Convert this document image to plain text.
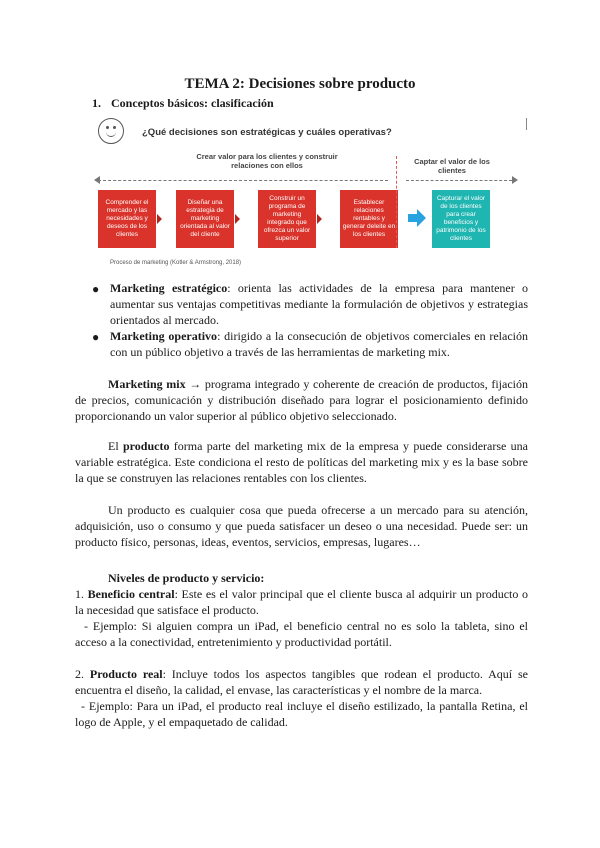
TEMA 2: Decisiones sobre producto
1. Conceptos básicos: clasificación
¿Qué decisiones son estratégicas y cuáles operativas?
Crear valor para los clientes y construir
relaciones con ellos	Captar el valor de los
clientes
Comprender el mercado y las necesidades y deseos de los clientes
Diseñar una estrategia de marketing orientada al valor del cliente
Construir un programa de marketing integrado que ofrezca un valor superior
Establecer relaciones rentables y generar deleite en los clientes
Capturar el valor de los clientes para crear beneficios y patrimonio de los clientes
Proceso de marketing (Kotler & Armstrong, 2018)
● Marketing estratégico: orienta las actividades de la empresa para mantener o aumentar sus ventajas competitivas mediante la formulación de objetivos y estrategias orientados al mercado.
● Marketing operativo: dirigido a la consecución de objetivos comerciales en relación con un público objetivo a través de las herramientas de marketing mix.
Marketing mix → programa integrado y coherente de creación de productos, fijación de precios, comunicación y distribución diseñado para lograr el posicionamiento definido proporcionando un valor superior al público objetivo seleccionado.
El producto forma parte del marketing mix de la empresa y puede considerarse una variable estratégica. Este condiciona el resto de políticas del marketing mix y es la base sobre la que se construyen las relaciones rentables con los clientes.
Un producto es cualquier cosa que pueda ofrecerse a un mercado para su atención, adquisición, uso o consumo y que pueda satisfacer un deseo o una necesidad. Puede ser: un producto físico, personas, ideas, eventos, servicios, empresas, lugares…
Niveles de producto y servicio:
1. Beneficio central: Este es el valor principal que el cliente busca al adquirir un producto o la necesidad que satisface el producto.
- Ejemplo: Si alguien compra un iPad, el beneficio central no es solo la tableta, sino el acceso a la conectividad, entretenimiento y productividad portátil.
2. Producto real: Incluye todos los aspectos tangibles que rodean el producto. Aquí se encuentra el diseño, la calidad, el envase, las características y el nombre de la marca.
- Ejemplo: Para un iPad, el producto real incluye el diseño estilizado, la pantalla Retina, el logo de Apple, y el empaquetado de calidad.
